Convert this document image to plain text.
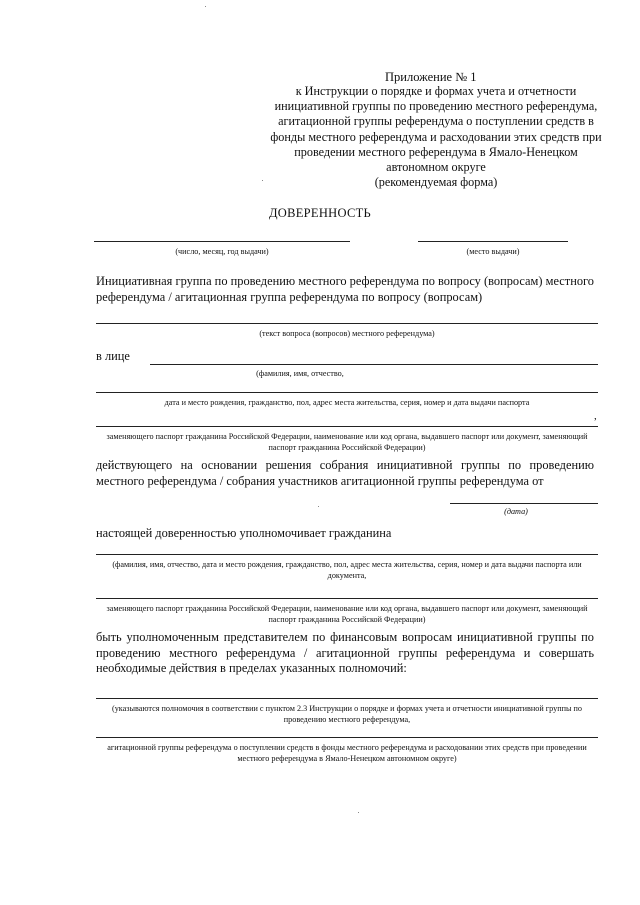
Приложение № 1
к Инструкции о порядке и формах учета и отчетности инициативной группы по проведению местного референдума, агитационной группы референдума о поступлении средств в фонды местного референдума и расходовании этих средств при проведении местного референдума в Ямало-Ненецком автономном округе
(рекомендуемая форма)
ДОВЕРЕННОСТЬ
(число, месяц, год выдачи)	(место выдачи)
Инициативная группа по проведению местного референдума по вопросу (вопросам) местного референдума / агитационная группа референдума по вопросу (вопросам)
(текст вопроса (вопросов) местного референдума)
в лице
(фамилия, имя, отчество,
дата и место рождения, гражданство, пол, адрес места жительства, серия, номер и дата выдачи паспорта
,
заменяющего паспорт гражданина Российской Федерации, наименование или код органа, выдавшего паспорт или документ, заменяющий паспорт гражданина Российской Федерации)
действующего на основании решения собрания инициативной группы по проведению местного референдума / собрания участников агитационной группы референдума от
(дата)
настоящей доверенностью уполномочивает гражданина
(фамилия, имя, отчество, дата и место рождения, гражданство, пол, адрес места жительства, серия, номер и дата выдачи паспорта или документа,
заменяющего паспорт гражданина Российской Федерации, наименование или код органа, выдавшего паспорт или документ, заменяющий паспорт гражданина Российской Федерации)
быть уполномоченным представителем по финансовым вопросам инициативной группы по проведению местного референдума / агитационной группы референдума и совершать необходимые действия в пределах указанных полномочий:
(указываются полномочия в соответствии с пунктом 2.3 Инструкции о порядке и формах учета и отчетности инициативной группы по проведению местного референдума,
агитационной группы референдума о поступлении средств в фонды местного референдума и расходовании этих средств при проведении местного референдума в Ямало-Ненецком автономном округе)
